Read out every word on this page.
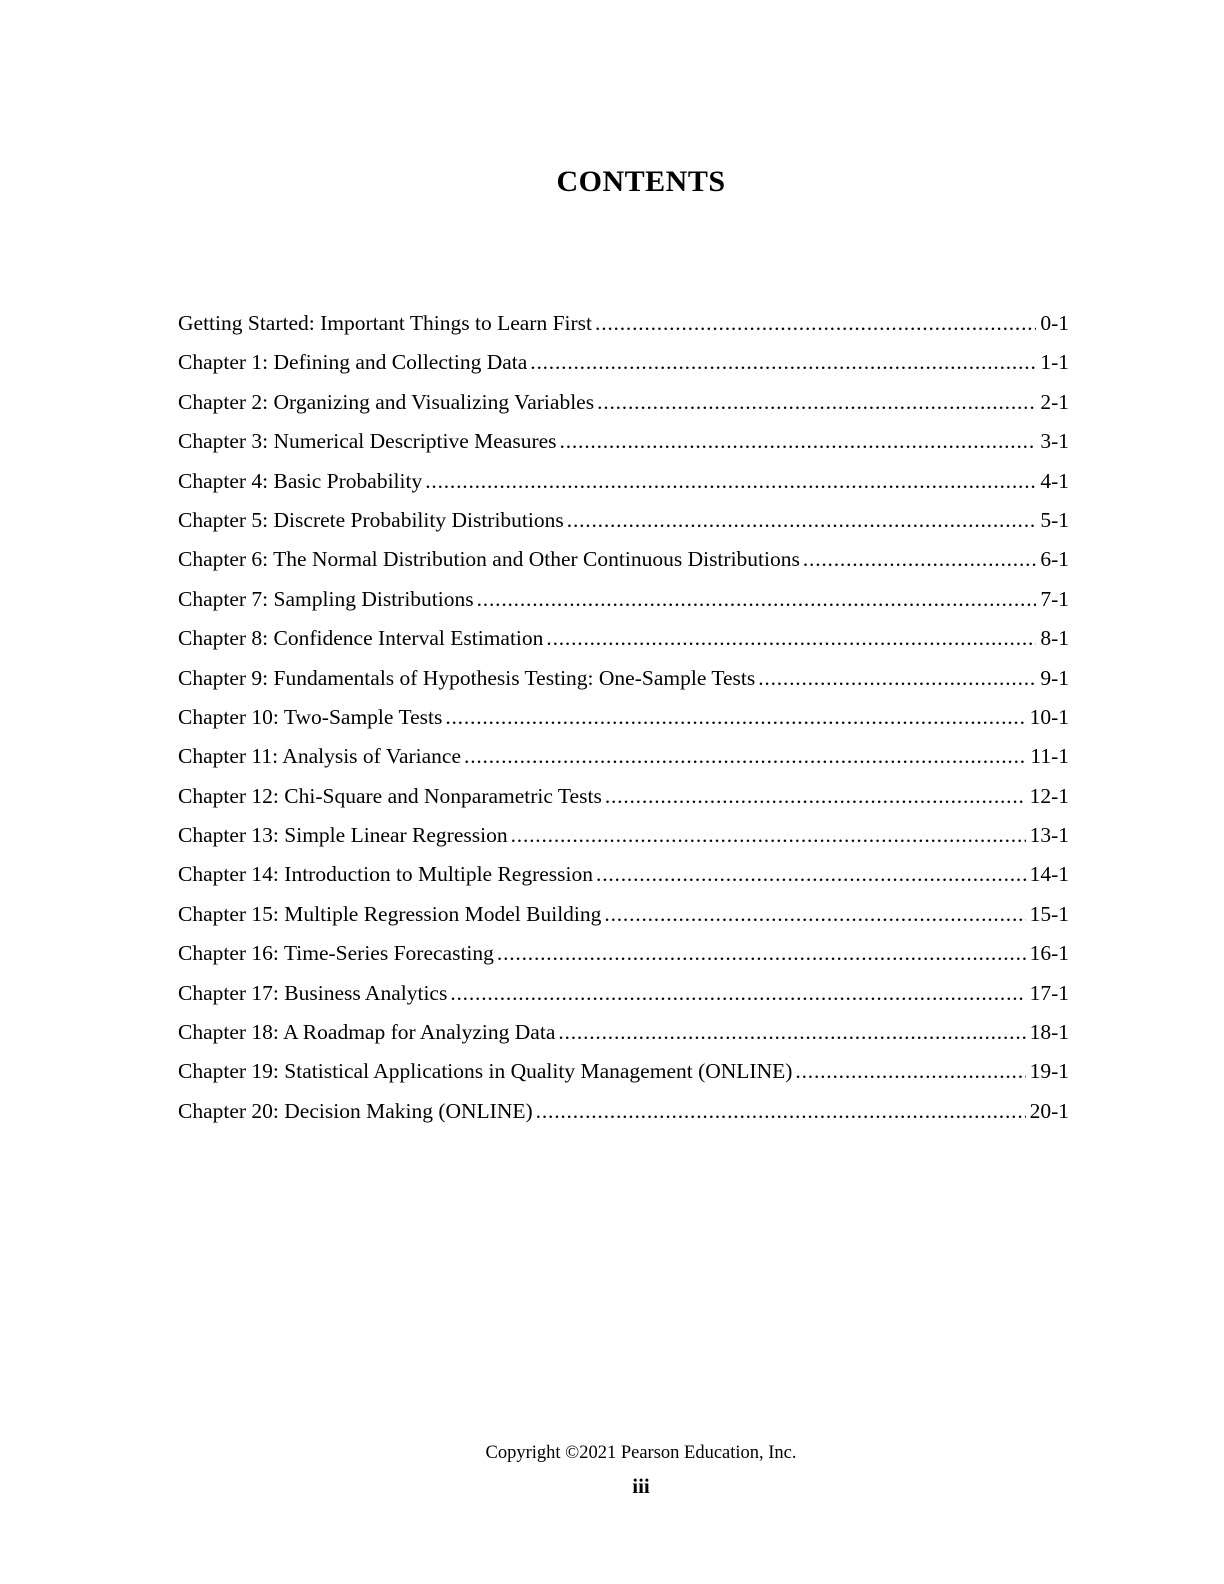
CONTENTS
Getting Started: Important Things to Learn First .....	0-1
Chapter 1: Defining and Collecting Data .....	1-1
Chapter 2: Organizing and Visualizing Variables .....	2-1
Chapter 3: Numerical Descriptive Measures .....	3-1
Chapter 4: Basic Probability .....	4-1
Chapter 5: Discrete Probability Distributions .....	5-1
Chapter 6: The Normal Distribution and Other Continuous Distributions .....	6-1
Chapter 7: Sampling Distributions .....	7-1
Chapter 8: Confidence Interval Estimation .....	8-1
Chapter 9: Fundamentals of Hypothesis Testing: One-Sample Tests .....	9-1
Chapter 10: Two-Sample Tests .....	10-1
Chapter 11: Analysis of Variance .....	11-1
Chapter 12: Chi-Square and Nonparametric Tests .....	12-1
Chapter 13: Simple Linear Regression .....	13-1
Chapter 14: Introduction to Multiple Regression .....	14-1
Chapter 15: Multiple Regression Model Building .....	15-1
Chapter 16: Time-Series Forecasting .....	16-1
Chapter 17: Business Analytics .....	17-1
Chapter 18: A Roadmap for Analyzing Data .....	18-1
Chapter 19: Statistical Applications in Quality Management (ONLINE) .....	19-1
Chapter 20: Decision Making (ONLINE) .....	20-1
Copyright ©2021 Pearson Education, Inc.
iii
